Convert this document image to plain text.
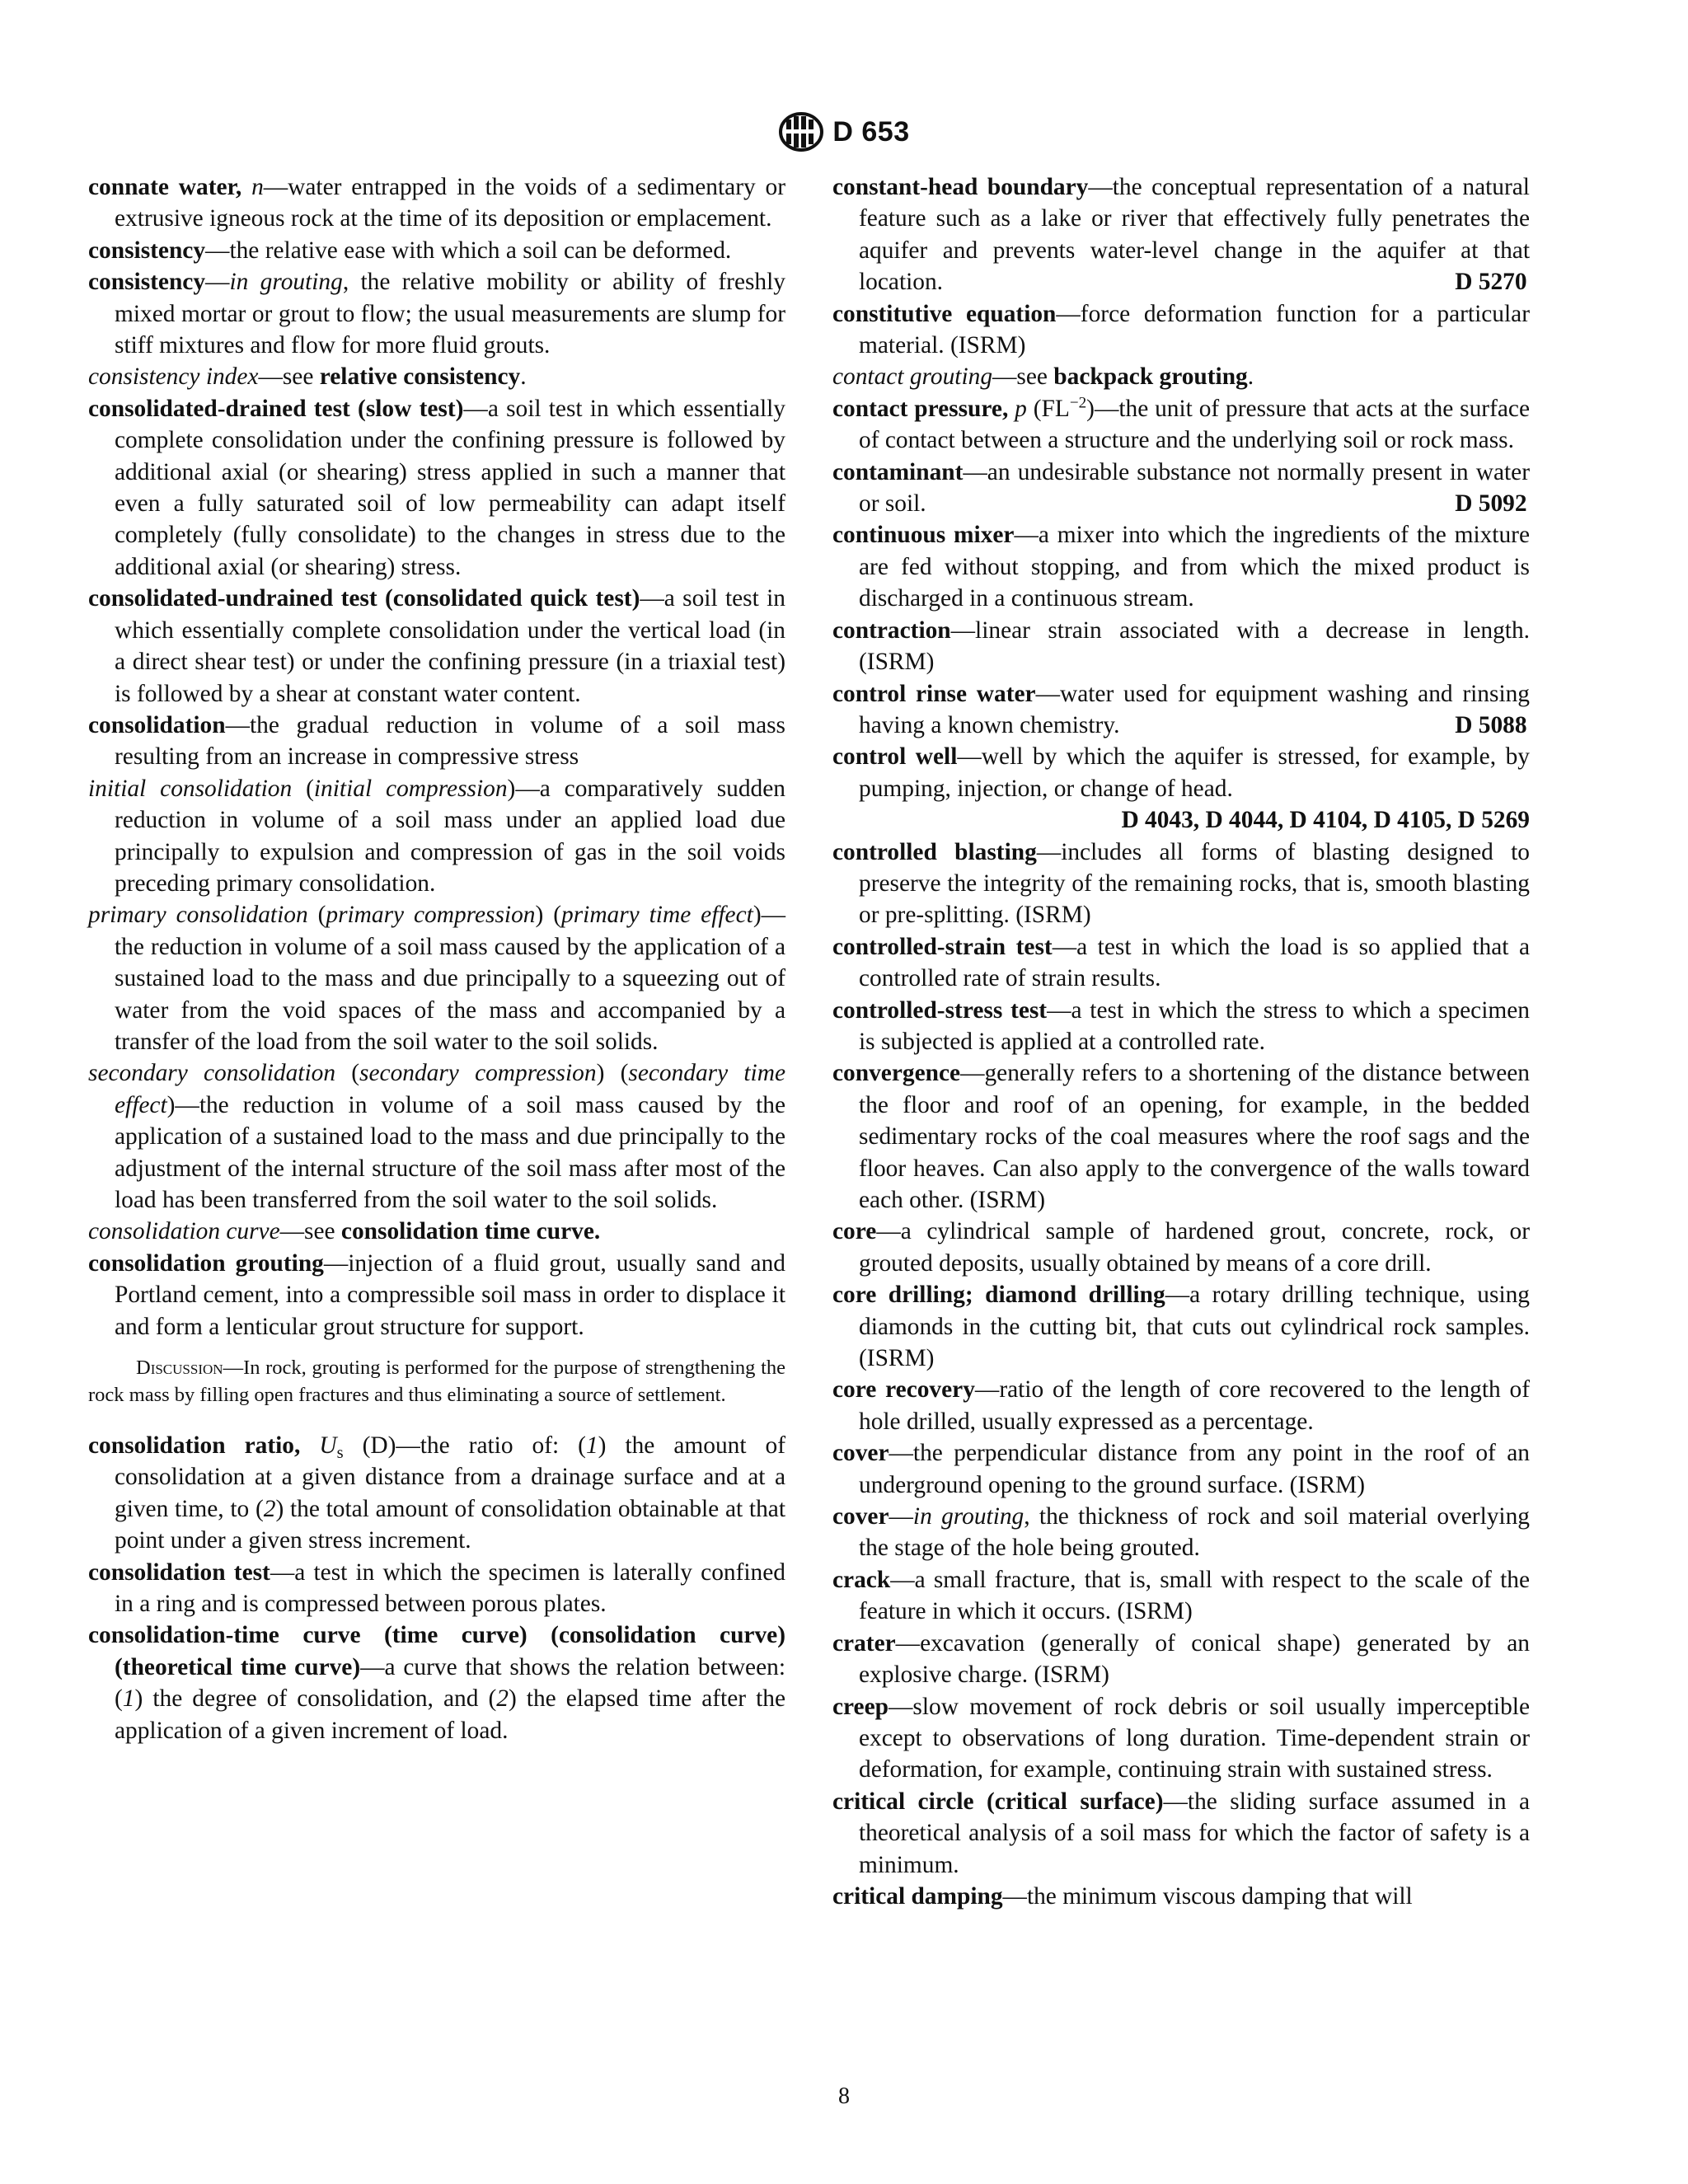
D 653

connate water, n—water entrapped in the voids of a sedimentary or extrusive igneous rock at the time of its deposition or emplacement.

consistency—the relative ease with which a soil can be deformed.

consistency—in grouting, the relative mobility or ability of freshly mixed mortar or grout to flow; the usual measurements are slump for stiff mixtures and flow for more fluid grouts.

consistency index—see relative consistency.

consolidated-drained test (slow test)—a soil test in which essentially complete consolidation under the confining pressure is followed by additional axial (or shearing) stress applied in such a manner that even a fully saturated soil of low permeability can adapt itself completely (fully consolidate) to the changes in stress due to the additional axial (or shearing) stress.

consolidated-undrained test (consolidated quick test)—a soil test in which essentially complete consolidation under the vertical load (in a direct shear test) or under the confining pressure (in a triaxial test) is followed by a shear at constant water content.

consolidation—the gradual reduction in volume of a soil mass resulting from an increase in compressive stress

initial consolidation (initial compression)—a comparatively sudden reduction in volume of a soil mass under an applied load due principally to expulsion and compression of gas in the soil voids preceding primary consolidation.

primary consolidation (primary compression) (primary time effect)—the reduction in volume of a soil mass caused by the application of a sustained load to the mass and due principally to a squeezing out of water from the void spaces of the mass and accompanied by a transfer of the load from the soil water to the soil solids.

secondary consolidation (secondary compression) (secondary time effect)—the reduction in volume of a soil mass caused by the application of a sustained load to the mass and due principally to the adjustment of the internal structure of the soil mass after most of the load has been transferred from the soil water to the soil solids.

consolidation curve—see consolidation time curve.

consolidation grouting—injection of a fluid grout, usually sand and Portland cement, into a compressible soil mass in order to displace it and form a lenticular grout structure for support.

Discussion—In rock, grouting is performed for the purpose of strengthening the rock mass by filling open fractures and thus eliminating a source of settlement.

consolidation ratio, $U_s$ (D)—the ratio of: (1) the amount of consolidation at a given distance from a drainage surface and at a given time, to (2) the total amount of consolidation obtainable at that point under a given stress increment.

consolidation test—a test in which the specimen is laterally confined in a ring and is compressed between porous plates.

consolidation-time curve (time curve) (consolidation curve) (theoretical time curve)—a curve that shows the relation between: (1) the degree of consolidation, and (2) the elapsed time after the application of a given increment of load.

constant-head boundary—the conceptual representation of a natural feature such as a lake or river that effectively fully penetrates the aquifer and prevents water-level change in the aquifer at that location.	D 5270

constitutive equation—force deformation function for a particular material. (ISRM)

contact grouting—see backpack grouting.

contact pressure, p $(FL^{-2})—the$ unit of pressure that acts at the surface of contact between a structure and the underlying soil or rock mass.

contaminant—an undesirable substance not normally present in water or soil.	D 5092

continuous mixer—a mixer into which the ingredients of the mixture are fed without stopping, and from which the mixed product is discharged in a continuous stream.

contraction—linear strain associated with a decrease in length. (ISRM)

control rinse water—water used for equipment washing and rinsing having a known chemistry.	D 5088

control well—well by which the aquifer is stressed, for example, by pumping, injection, or change of head.
D 4043, D 4044, D 4104, D 4105, D 5269

controlled blasting—includes all forms of blasting designed to preserve the integrity of the remaining rocks, that is, smooth blasting or pre-splitting. (ISRM)

controlled-strain test—a test in which the load is so applied that a controlled rate of strain results.

controlled-stress test—a test in which the stress to which a specimen is subjected is applied at a controlled rate.

convergence—generally refers to a shortening of the distance between the floor and roof of an opening, for example, in the bedded sedimentary rocks of the coal measures where the roof sags and the floor heaves. Can also apply to the convergence of the walls toward each other. (ISRM)

core—a cylindrical sample of hardened grout, concrete, rock, or grouted deposits, usually obtained by means of a core drill.

core drilling; diamond drilling—a rotary drilling technique, using diamonds in the cutting bit, that cuts out cylindrical rock samples. (ISRM)

core recovery—ratio of the length of core recovered to the length of hole drilled, usually expressed as a percentage.

cover—the perpendicular distance from any point in the roof of an underground opening to the ground surface. (ISRM)

cover—in grouting, the thickness of rock and soil material overlying the stage of the hole being grouted.

crack—a small fracture, that is, small with respect to the scale of the feature in which it occurs. (ISRM)

crater—excavation (generally of conical shape) generated by an explosive charge. (ISRM)

creep—slow movement of rock debris or soil usually imperceptible except to observations of long duration. Time-dependent strain or deformation, for example, continuing strain with sustained stress.

critical circle (critical surface)—the sliding surface assumed in a theoretical analysis of a soil mass for which the factor of safety is a minimum.

critical damping—the minimum viscous damping that will

8
